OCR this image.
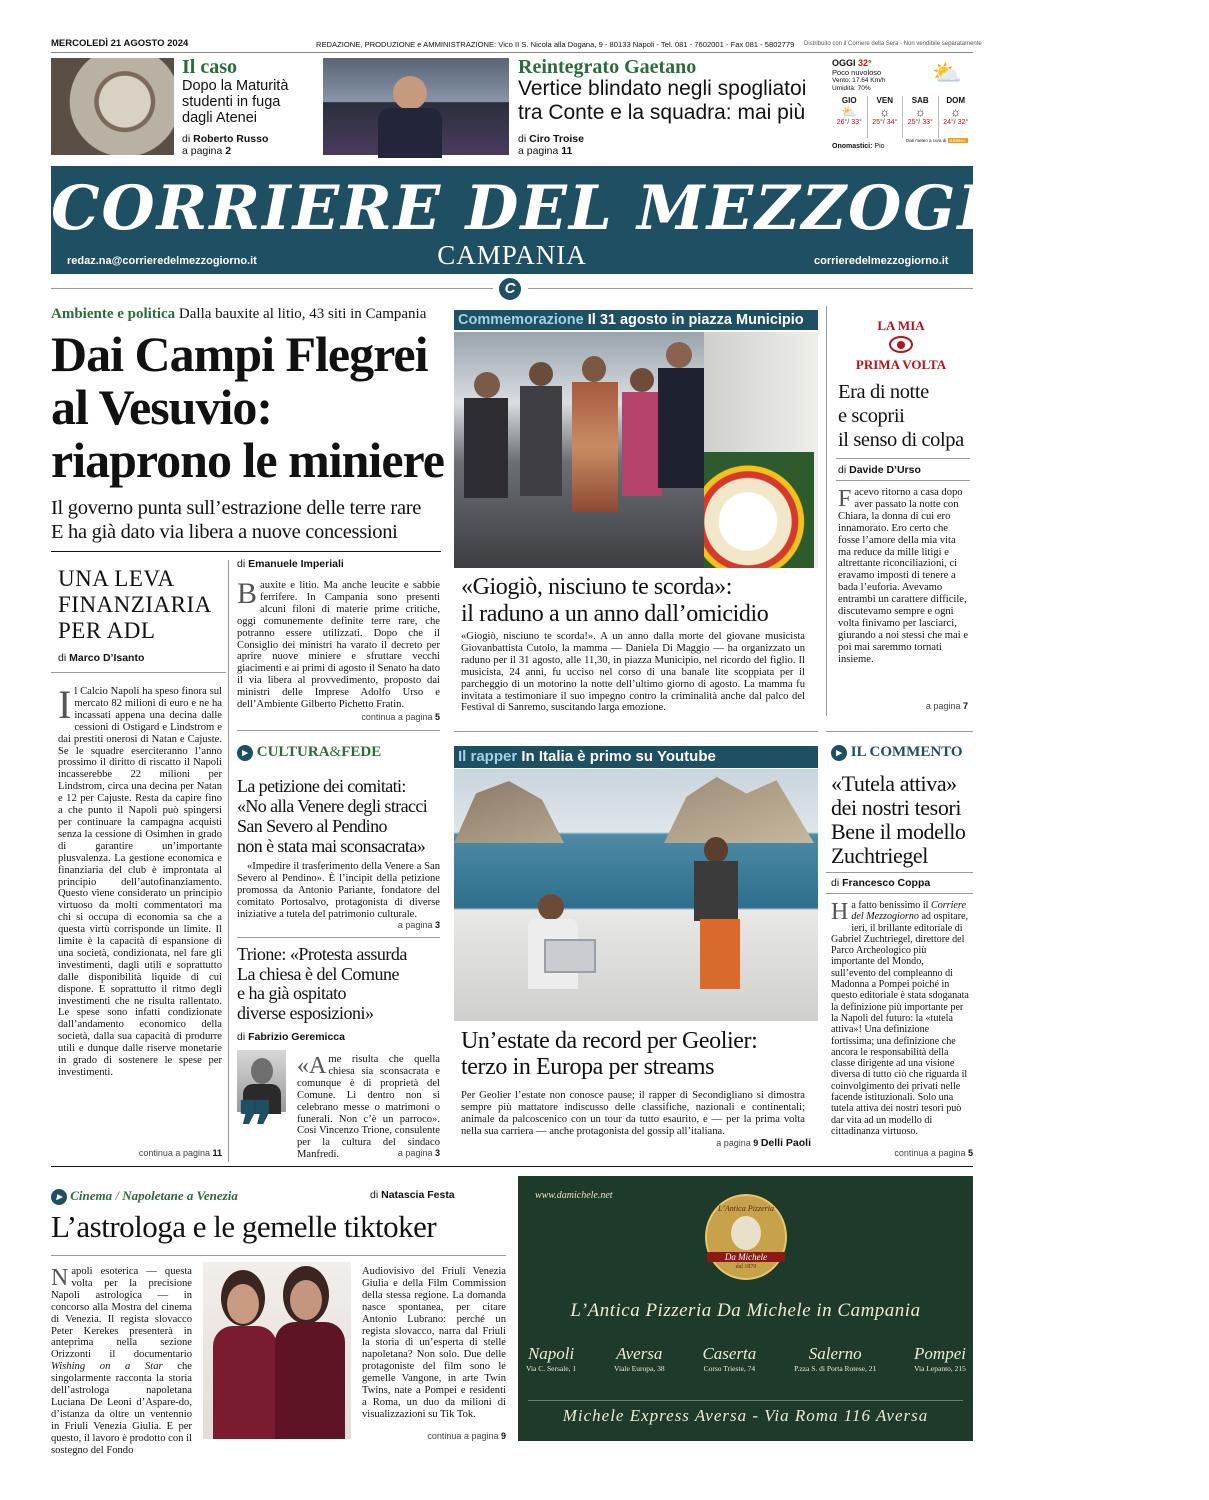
MERCOLEDÌ 21 AGOSTO 2024	REDAZIONE, PRODUZIONE e AMMINISTRAZIONE: Vico II S. Nicola alla Dogana, 9 - 80133 Napoli - Tel. 081 - 7602001 - Fax 081 - 5802779 Distribuito con il Corriere della Sera - Non vendibile separatamente
Il caso
Dopo la Maturità studenti in fuga dagli Atenei
di Roberto Russo
a pagina 2
Reintegrato Gaetano
Vertice blindato negli spogliatoi tra Conte e la squadra: mai più
di Ciro Troise
a pagina 11
OGGI 32°
Poco nuvoloso
Vento: 17.64 Km/h
Umidità: 70%
⛅
GIO
⛅
26°/ 33°
VEN
☼
25°/ 34°
SAB
☼
25°/ 33°
DOM
☼
24°/ 32°
Dati meteo a cura di iLMeteo
Onomastici: Pio
CORRIERE DEL MEZZOGIORNO
CAMPANIA
redaz.na@corrieredelmezzogiorno.it	corrieredelmezzogiorno.it
C
Ambiente e politica Dalla bauxite al litio, 43 siti in Campania
Dai Campi Flegrei
al Vesuvio:
riaprono le miniere
Il governo punta sull’estrazione delle terre rare
E ha già dato via libera a nuove concessioni
UNA LEVA
FINANZIARIA
PER ADL
di Marco D’Isanto
Il Calcio Napoli ha speso finora sul mercato 82 milioni di euro e ne ha incassati appena una decina dalle cessioni di Ostigard e Lindstrom e dai prestiti onerosi di Natan e Cajuste. Se le squadre eserciteranno l’anno prossimo il diritto di riscatto il Napoli incasserebbe 22 milioni per Lindstrom, circa una decina per Natan e 12 per Cajuste. Resta da capire fino a che punto il Napoli può spingersi per continuare la campagna acquisti senza la cessione di Osimhen in grado di garantire un’importante plusvalenza. La gestione economica e finanziaria del club è improntata al principio dell’autofinanziamento. Questo viene considerato un principio virtuoso da molti commentatori ma chi si occupa di economia sa che a questa virtù corrisponde un limite. Il limite è la capacità di espansione di una società, condizionata, nel fare gli investimenti, dagli utili e soprattutto dalle disponibilità liquide di cui dispone. E soprattutto il ritmo degli investimenti che ne risulta rallentato. Le spese sono infatti condizionate dall’andamento economico della società, dalla sua capacità di produrre utili e dunque dalle riserve monetarie in grado di sostenere le spese per investimenti.
continua a pagina 11
di Emanuele Imperiali
Bauxite e litio. Ma anche leucite e sabbie ferrifere. In Campania sono presenti alcuni filoni di materie prime critiche, oggi comunemente definite terre rare, che potranno essere utilizzati. Dopo che il Consiglio dei ministri ha varato il decreto per aprire nuove miniere e sfruttare vecchi giacimenti e ai primi di agosto il Senato ha dato il via libera al provvedimento, proposto dai ministri delle Imprese Adolfo Urso e dell’Ambiente Gilberto Pichetto Fratin.
continua a pagina 5
▸ CULTURA&FEDE
La petizione dei comitati:
«No alla Venere degli stracci
San Severo al Pendino
non è stata mai sconsacrata»
«Impedire il trasferimento della Venere a San Severo al Pendino». È l’incipit della petizione promossa da Antonio Pariante, fondatore del comitato Portosalvo, protagonista di diverse iniziative a tutela del patrimonio culturale.
a pagina 3
Trione: «Protesta assurda
La chiesa è del Comune
e ha già ospitato
diverse esposizioni»
di Fabrizio Geremicca
❞
«Ame risulta che quella chiesa sia sconsacrata e comunque è di proprietà del Comune. Lì dentro non si celebrano messe o matrimoni o funerali. Non c’è un parroco». Così Vincenzo Trione, consulente per la cultura del sindaco Manfredi.	a pagina 3
Commemorazione Il 31 agosto in piazza Municipio
«Giogiò, nisciuno te scorda»:
il raduno a un anno dall’omicidio
«Giogiò, nisciuno te scorda!». A un anno dalla morte del giovane musicista Giovanbattista Cutolo, la mamma — Daniela Di Maggio — ha organizzato un raduno per il 31 agosto, alle 11,30, in piazza Municipio, nel ricordo del figlio. Il musicista, 24 anni, fu ucciso nel corso di una banale lite scoppiata per il parcheggio di un motorino la notte dell’ultimo giorno di agosto. La mamma fu invitata a testimoniare il suo impegno contro la criminalità anche dal palco del Festival di Sanremo, suscitando larga emozione.
Il rapper In Italia è primo su Youtube
Un’estate da record per Geolier:
terzo in Europa per streams
Per Geolier l’estate non conosce pause; il rapper di Secondigliano si dimostra sempre più mattatore indiscusso delle classifiche, nazionali e continentali; animale da palcoscenico con un tour da tutto esaurito, e — per la prima volta nella sua carriera — anche protagonista del gossip all’italiana.
a pagina 9 Delli Paoli
LA MIA
PRIMA VOLTA
Era di notte
e scoprii
il senso di colpa
di Davide D’Urso
Facevo ritorno a casa dopo aver passato la notte con Chiara, la donna di cui ero innamorato. Ero certo che fosse l’amore della mia vita ma reduce da mille litigi e altrettante riconciliazioni, ci eravamo imposti di tenere a bada l’euforia. Avevamo entrambi un carattere difficile, discutevamo sempre e ogni volta finivamo per lasciarci, giurando a noi stessi che mai e poi mai saremmo tornati insieme.
a pagina 7
▸ IL COMMENTO
«Tutela attiva»
dei nostri tesori
Bene il modello
Zuchtriegel
di Francesco Coppa
Ha fatto benissimo il Corriere del Mezzogiorno ad ospitare, ieri, il brillante editoriale di Gabriel Zuchtriegel, direttore del Parco Archeologico più importante del Mondo, sull’evento del compleanno di Madonna a Pompei poiché in questo editoriale è stata sdoganata la definizione più importante per la Napoli del futuro: la «tutela attiva»! Una definizione fortissima; una definizione che ancora le responsabilità della classe dirigente ad una visione diversa di tutto ciò che riguarda il coinvolgimento dei privati nelle facende istituzionali. Solo una tutela attiva dei nostri tesori può dar vita ad un modello di cittadinanza virtuoso.
continua a pagina 5
▸ Cinema / Napoletane a Venezia	di Natascia Festa
L’astrologa e le gemelle tiktoker
Napoli esoterica — questa volta per la precisione Napoli astrologica — in concorso alla Mostra del cinema di Venezia. Il regista slovacco Peter Kerekes presenterà in anteprima nella sezione Orizzonti il documentario Wishing on a Star che singolarmente racconta la storia dell’astrologa napoletana Luciana De Leoni d’Aspare-do, d’istanza da oltre un ventennio in Friuli Venezia Giulia. E per questo, il lavoro è prodotto con il sostegno del Fondo
Audiovisivo del Friuli Venezia Giulia e della Film Commission della stessa regione. La domanda nasce spontanea, per citare Antonio Lubrano: perché un regista slovacco, narra dal Friuli la storia di un’esperta di stelle napoletana? Non solo. Due delle protagoniste del film sono le gemelle Vangone, in arte Twin Twins, nate a Pompei e residenti a Roma, un duo da milioni di visualizzazioni su Tik Tok.
continua a pagina 9
www.damichele.net
L’Antica Pizzeria
Da Michele
dal 1870
L’Antica Pizzeria Da Michele in Campania
Napoli
Via C. Sersale, 1
Aversa
Viale Europa, 38
Caserta
Corso Trieste, 74
Salerno
P.zza S. di Porta Rotese, 21
Pompei
Via Lepanto, 215
Michele Express Aversa - Via Roma 116 Aversa
